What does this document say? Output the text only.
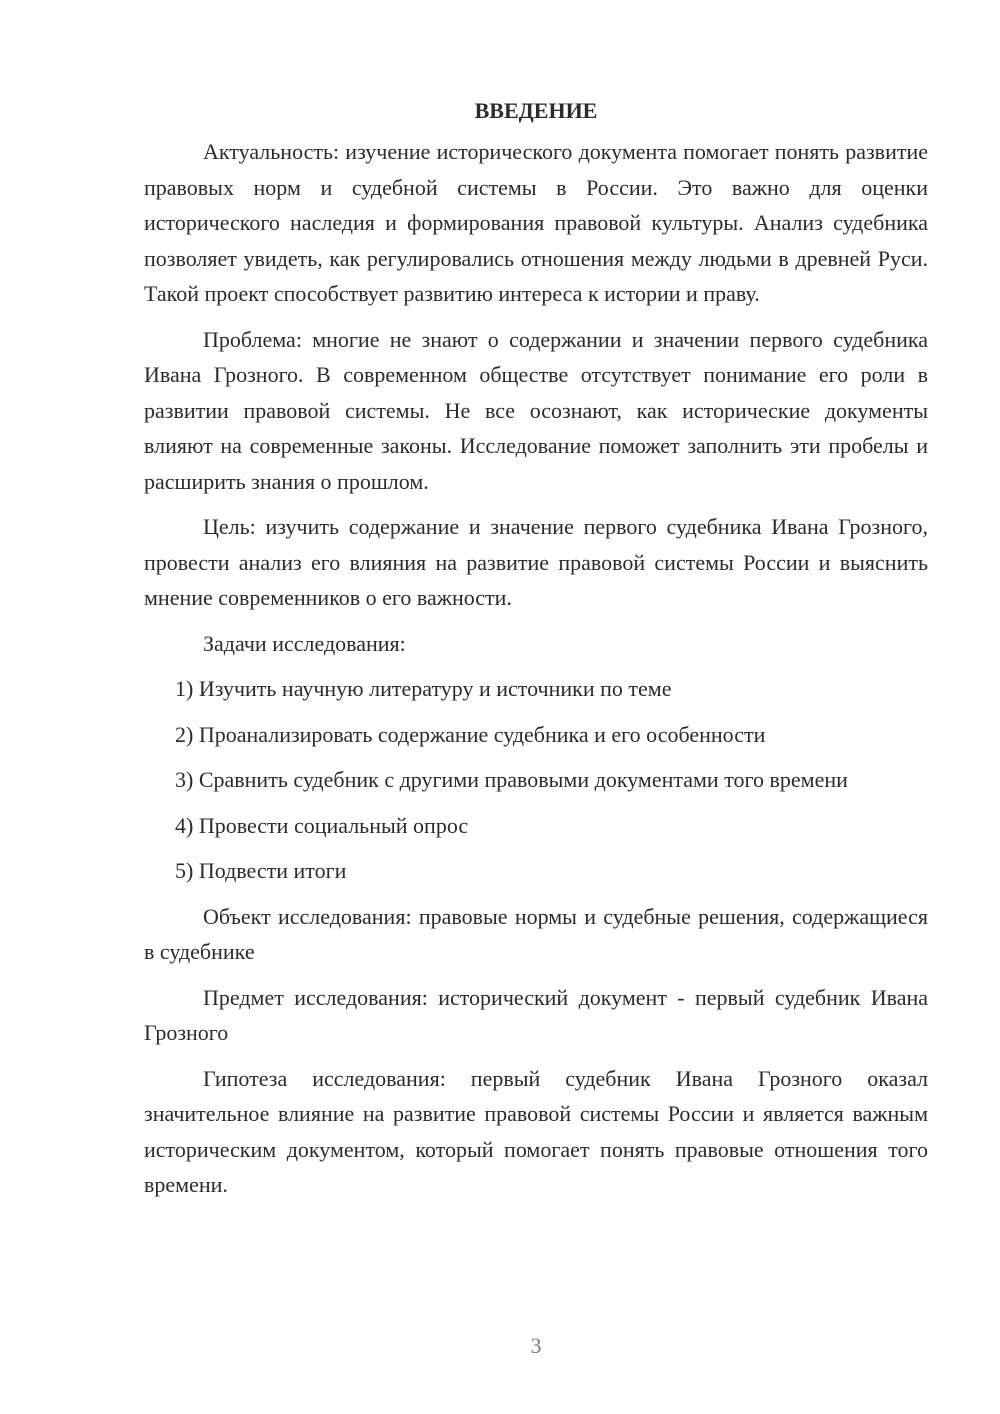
ВВЕДЕНИЕ

Актуальность: изучение исторического документа помогает понять развитие правовых норм и судебной системы в России. Это важно для оценки исторического наследия и формирования правовой культуры. Анализ судебника позволяет увидеть, как регулировались отношения между людьми в древней Руси. Такой проект способствует развитию интереса к истории и праву.

Проблема: многие не знают о содержании и значении первого судебника Ивана Грозного. В современном обществе отсутствует понимание его роли в развитии правовой системы. Не все осознают, как исторические документы влияют на современные законы. Исследование поможет заполнить эти пробелы и расширить знания о прошлом.

Цель: изучить содержание и значение первого судебника Ивана Грозного, провести анализ его влияния на развитие правовой системы России и выяснить мнение современников о его важности.

Задачи исследования:

1) Изучить научную литературу и источники по теме

2) Проанализировать содержание судебника и его особенности

3) Сравнить судебник с другими правовыми документами того времени

4) Провести социальный опрос

5) Подвести итоги

Объект исследования: правовые нормы и судебные решения, содержащиеся в судебнике

Предмет исследования: исторический документ - первый судебник Ивана Грозного

Гипотеза исследования: первый судебник Ивана Грозного оказал значительное влияние на развитие правовой системы России и является важным историческим документом, который помогает понять правовые отношения того времени.

3
